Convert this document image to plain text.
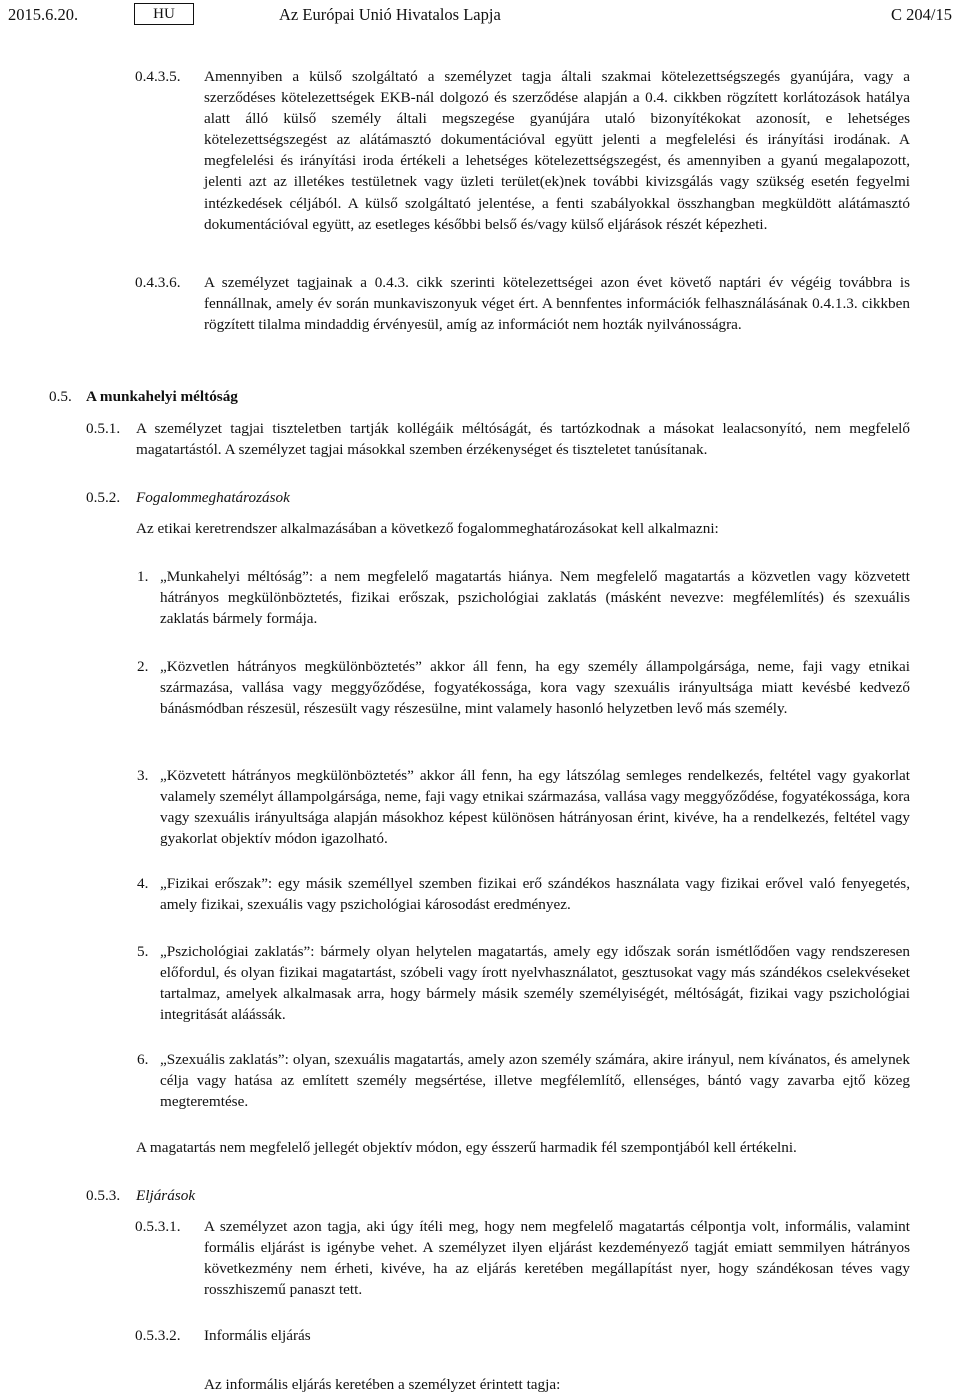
2015.6.20.	HU	Az Európai Unió Hivatalos Lapja	C 204/15
0.4.3.5. Amennyiben a külső szolgáltató a személyzet tagja általi szakmai kötelezettségszegés gyanújára, vagy a szerződéses kötelezettségek EKB-nál dolgozó és szerződése alapján a 0.4. cikkben rögzített korlátozások hatálya alatt álló külső személy általi megszegése gyanújára utaló bizonyítékokat azonosít, e lehetséges kötelezettségszegést az alátámasztó dokumentációval együtt jelenti a megfelelési és irányítási irodának. A megfelelési és irányítási iroda értékeli a lehetséges kötelezettségszegést, és amennyiben a gyanú megalapozott, jelenti azt az illetékes testületnek vagy üzleti terület(ek)nek további kivizsgálás vagy szükség esetén fegyelmi intézkedések céljából. A külső szolgáltató jelentése, a fenti szabályokkal összhangban megküldött alátámasztó dokumentációval együtt, az esetleges későbbi belső és/vagy külső eljárások részét képezheti.
0.4.3.6. A személyzet tagjainak a 0.4.3. cikk szerinti kötelezettségei azon évet követő naptári év végéig továbbra is fennállnak, amely év során munkaviszonyuk véget ért. A bennfentes információk felhasználásának 0.4.1.3. cikkben rögzített tilalma mindaddig érvényesül, amíg az információt nem hozták nyilvánosságra.
0.5. A munkahelyi méltóság
0.5.1. A személyzet tagjai tiszteletben tartják kollégáik méltóságát, és tartózkodnak a másokat lealacsonyító, nem megfelelő magatartástól. A személyzet tagjai másokkal szemben érzékenységet és tiszteletet tanúsítanak.
0.5.2. Fogalommeghatározások
Az etikai keretrendszer alkalmazásában a következő fogalommeghatározásokat kell alkalmazni:
1. „Munkahelyi méltóság”: a nem megfelelő magatartás hiánya. Nem megfelelő magatartás a közvetlen vagy közvetett hátrányos megkülönböztetés, fizikai erőszak, pszichológiai zaklatás (másként nevezve: megfélemlítés) és szexuális zaklatás bármely formája.
2. „Közvetlen hátrányos megkülönböztetés” akkor áll fenn, ha egy személy állampolgársága, neme, faji vagy etnikai származása, vallása vagy meggyőződése, fogyatékossága, kora vagy szexuális irányultsága miatt kevésbé kedvező bánásmódban részesül, részesült vagy részesülne, mint valamely hasonló helyzetben levő más személy.
3. „Közvetett hátrányos megkülönböztetés” akkor áll fenn, ha egy látszólag semleges rendelkezés, feltétel vagy gyakorlat valamely személyt állampolgársága, neme, faji vagy etnikai származása, vallása vagy meggyőződése, fogyatékossága, kora vagy szexuális irányultsága alapján másokhoz képest különösen hátrányosan érint, kivéve, ha a rendelkezés, feltétel vagy gyakorlat objektív módon igazolható.
4. „Fizikai erőszak”: egy másik személlyel szemben fizikai erő szándékos használata vagy fizikai erővel való fenyegetés, amely fizikai, szexuális vagy pszichológiai károsodást eredményez.
5. „Pszichológiai zaklatás”: bármely olyan helytelen magatartás, amely egy időszak során ismétlődően vagy rendszeresen előfordul, és olyan fizikai magatartást, szóbeli vagy írott nyelvhasználatot, gesztusokat vagy más szándékos cselekvéseket tartalmaz, amelyek alkalmasak arra, hogy bármely másik személy személyiségét, méltóságát, fizikai vagy pszichológiai integritását aláássák.
6. „Szexuális zaklatás”: olyan, szexuális magatartás, amely azon személy számára, akire irányul, nem kívánatos, és amelynek célja vagy hatása az említett személy megsértése, illetve megfélemlítő, ellenséges, bántó vagy zavarba ejtő közeg megteremtése.
A magatartás nem megfelelő jellegét objektív módon, egy ésszerű harmadik fél szempontjából kell értékelni.
0.5.3. Eljárások
0.5.3.1. A személyzet azon tagja, aki úgy ítéli meg, hogy nem megfelelő magatartás célpontja volt, informális, valamint formális eljárást is igénybe vehet. A személyzet ilyen eljárást kezdeményező tagját emiatt semmilyen hátrányos következmény nem érheti, kivéve, ha az eljárás keretében megállapítást nyer, hogy szándékosan téves vagy rosszhiszemű panaszt tett.
0.5.3.2. Informális eljárás
Az informális eljárás keretében a személyzet érintett tagja:
